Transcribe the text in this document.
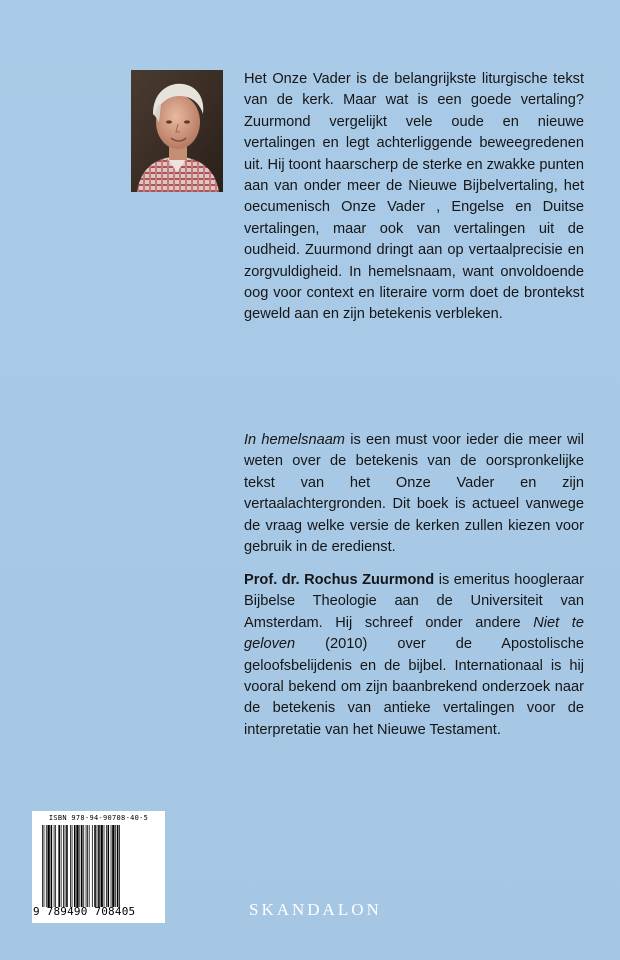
Het Onze Vader is de belangrijkste liturgische tekst van de kerk. Maar wat is een goede vertaling? Zuurmond vergelijkt vele oude en nieuwe vertalingen en legt achterliggende beweegredenen uit. Hij toont haarscherp de sterke en zwakke punten aan van onder meer de Nieuwe Bijbelvertaling, het oecumenisch Onze Vader , Engelse en Duitse vertalingen, maar ook van vertalingen uit de oudheid. Zuurmond dringt aan op vertaalprecisie en zorgvuldigheid. In hemelsnaam, want onvoldoende oog voor context en literaire vorm doet de brontekst geweld aan en zijn betekenis verbleken.

In hemelsnaam is een must voor ieder die meer wil weten over de betekenis van de oorspronkelijke tekst van het Onze Vader en zijn vertaalachtergronden. Dit boek is actueel vanwege de vraag welke versie de kerken zullen kiezen voor gebruik in de eredienst.

Prof. dr. Rochus Zuurmond is emeritus hoogleraar Bijbelse Theologie aan de Universiteit van Amsterdam. Hij schreef onder andere Niet te geloven (2010) over de Apostolische geloofsbelijdenis en de bijbel. Internationaal is hij vooral bekend om zijn baanbrekend onderzoek naar de betekenis van antieke vertalingen voor de interpretatie van het Nieuwe Testament.

ISBN 978-94-90708-40-5
9 789490 708405	SKANDALON
